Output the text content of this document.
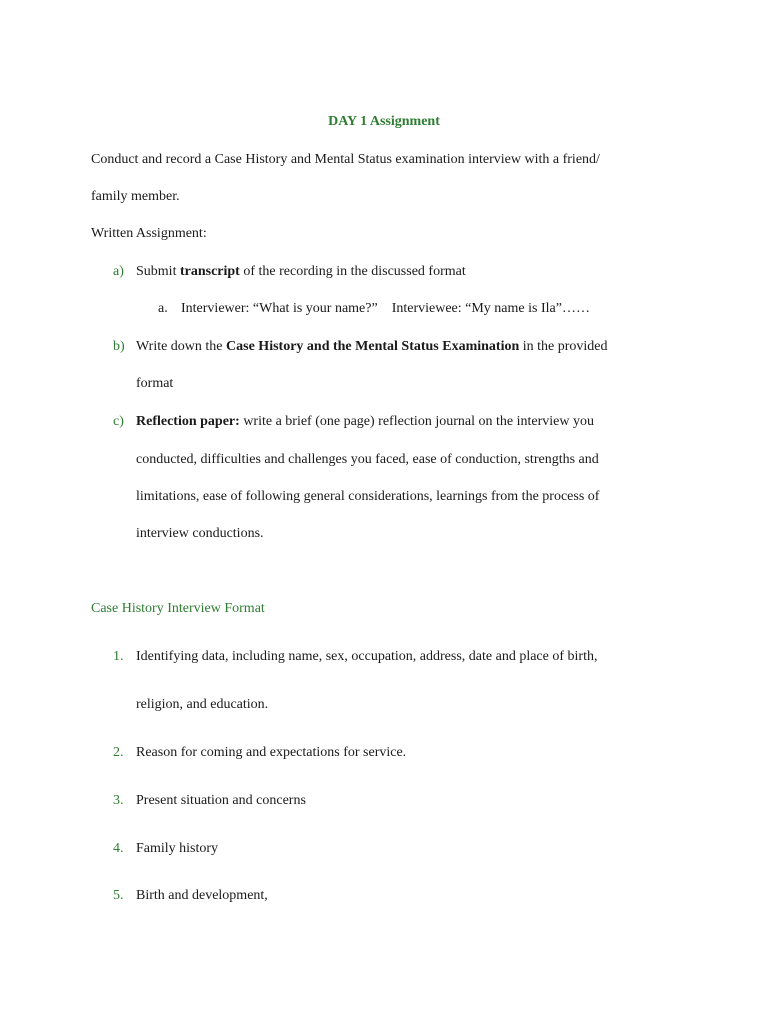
DAY 1 Assignment
Conduct and record a Case History and Mental Status examination interview with a friend/
family member.
Written Assignment:
a) Submit transcript of the recording in the discussed format
a. Interviewer: “What is your name?” Interviewee: “My name is Ila”……
b) Write down the Case History and the Mental Status Examination in the provided
format
c) Reflection paper: write a brief (one page) reflection journal on the interview you
conducted, difficulties and challenges you faced, ease of conduction, strengths and
limitations, ease of following general considerations, learnings from the process of
interview conductions.
Case History Interview Format
1. Identifying data, including name, sex, occupation, address, date and place of birth,
religion, and education.
2. Reason for coming and expectations for service.
3. Present situation and concerns
4. Family history
5. Birth and development,
